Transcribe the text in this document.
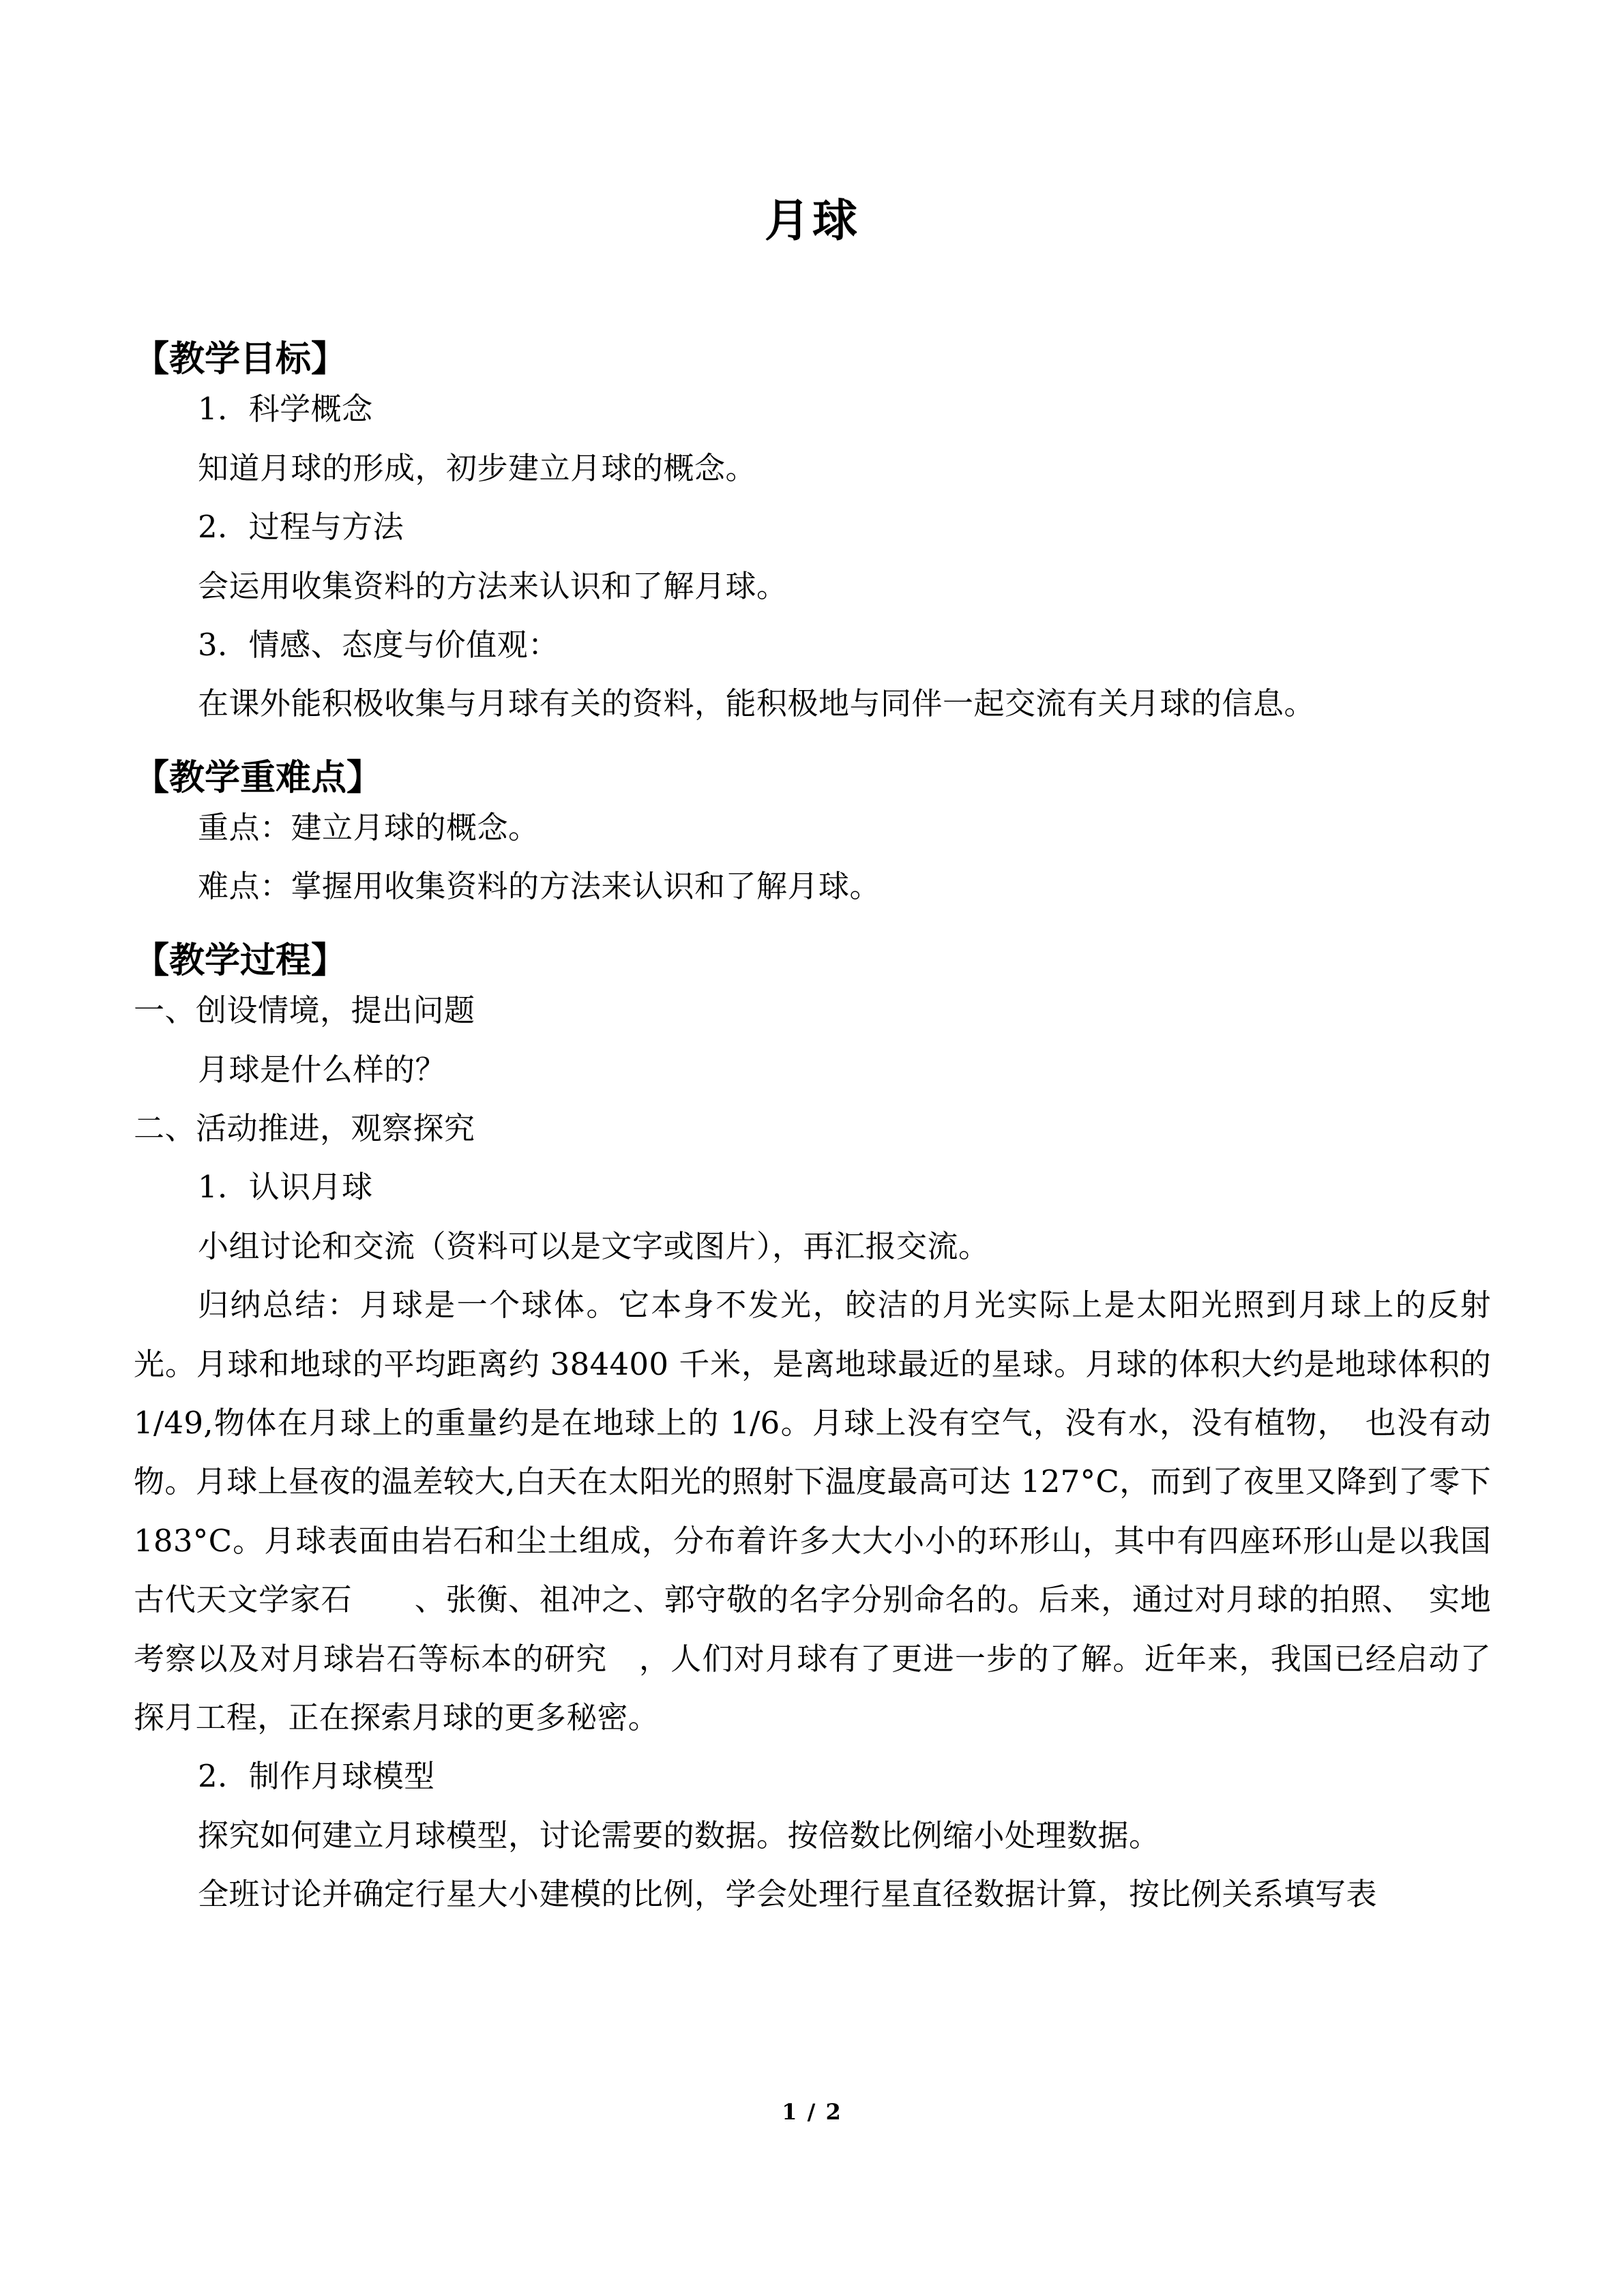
月球
【教学目标】

1．科学概念

知道月球的形成，初步建立月球的概念。

2．过程与方法

会运用收集资料的方法来认识和了解月球。

3．情感、态度与价值观：

在课外能积极收集与月球有关的资料，能积极地与同伴一起交流有关月球的信息。

【教学重难点】

重点：建立月球的概念。

难点：掌握用收集资料的方法来认识和了解月球。

【教学过程】

一、创设情境，提出问题

月球是什么样的？

二、活动推进，观察探究

1．认识月球

小组讨论和交流（资料可以是文字或图片），再汇报交流。

归纳总结：月球是一个球体。它本身不发光，皎洁的月光实际上是太阳光照到月球上的反射光。月球和地球的平均距离约 384400 千米，是离地球最近的星球。月球的体积大约是地球体积的 1/49,物体在月球上的重量约是在地球上的 1/6。月球上没有空气，没有水，没有植物，　也没有动物。月球上昼夜的温差较大,白天在太阳光的照射下温度最高可达 127°C，而到了夜里又降到了零下 183°C。月球表面由岩石和尘土组成，分布着许多大大小小的环形山，其中有四座环形山是以我国古代天文学家石　　、张衡、祖冲之、郭守敬的名字分别命名的。后来，通过对月球的拍照、　实地考察以及对月球岩石等标本的研究　，人们对月球有了更进一步的了解。近年来，我国已经启动了探月工程，正在探索月球的更多秘密。

2．制作月球模型

探究如何建立月球模型，讨论需要的数据。按倍数比例缩小处理数据。

全班讨论并确定行星大小建模的比例，学会处理行星直径数据计算，按比例关系填写表

1 / 2
